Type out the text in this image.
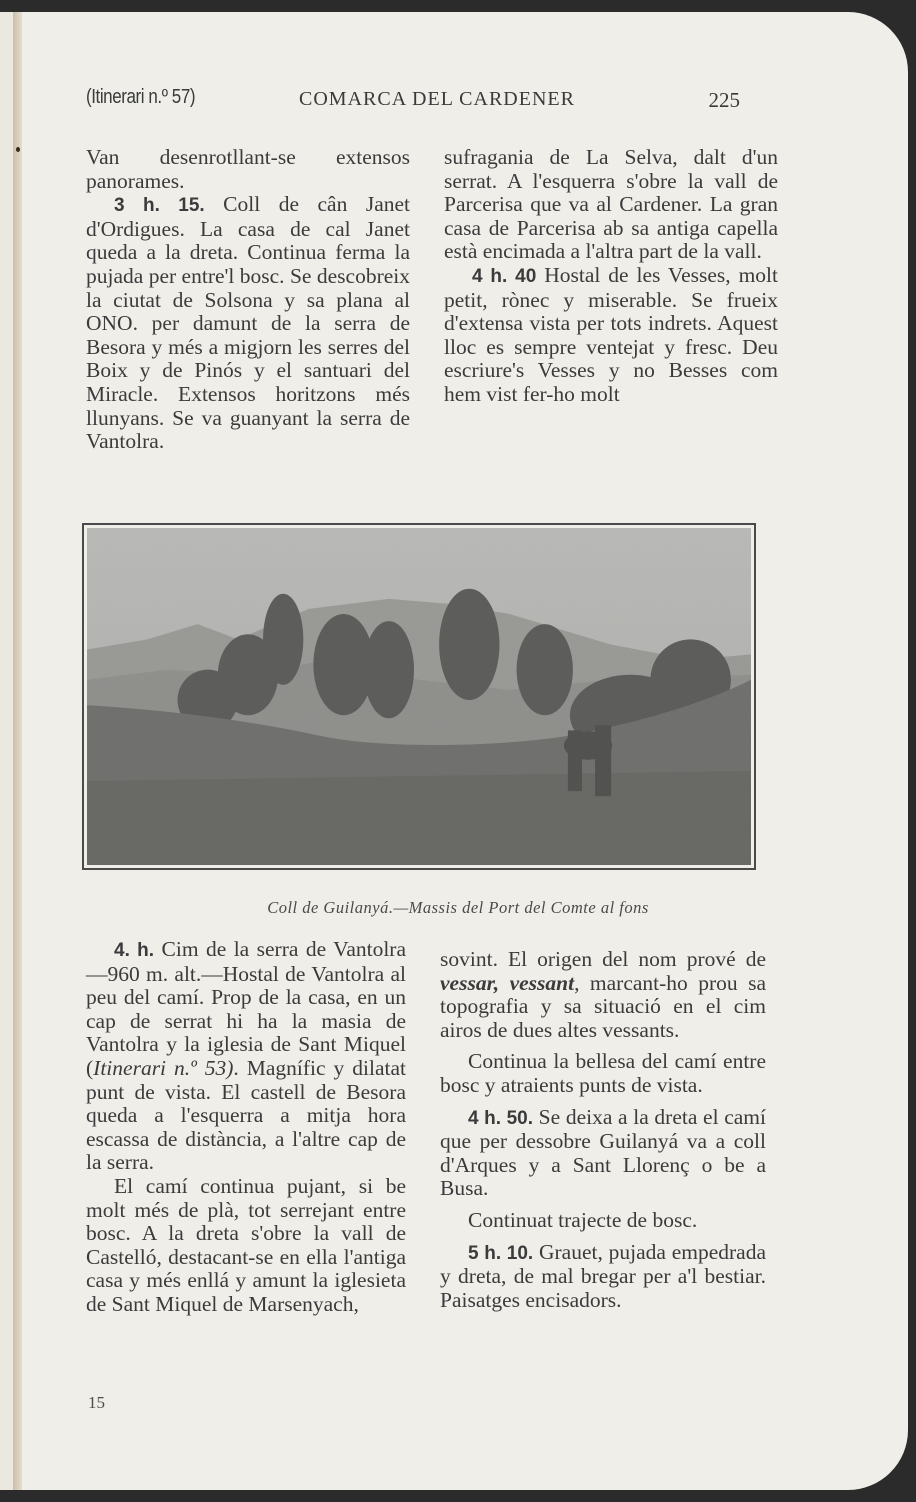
(Itinerari n.º 57)	COMARCA DEL CARDENER	225

Van desenrotllant-se extensos panorames.

3 h. 15. Coll de cân Janet d'Ordigues. La casa de cal Janet queda a la dreta. Continua ferma la pujada per entre'l bosc. Se descobreix la ciutat de Solsona y sa plana al ONO. per damunt de la serra de Besora y més a migjorn les serres del Boix y de Pinós y el santuari del Miracle. Extensos horitzons més llunyans. Se va guanyant la serra de Vantolra.

sufragania de La Selva, dalt d'un serrat. A l'esquerra s'obre la vall de Parcerisa que va al Cardener. La gran casa de Parcerisa ab sa antiga capella està encimada a l'altra part de la vall.

4 h. 40 Hostal de les Vesses, molt petit, rònec y miserable. Se frueix d'extensa vista per tots indrets. Aquest lloc es sempre ventejat y fresc. Deu escriure's Vesses y no Besses com hem vist fer-ho molt

Coll de Guilanyá.—Massis del Port del Comte al fons

4. h. Cim de la serra de Vantolra—960 m. alt.—Hostal de Vantolra al peu del camí. Prop de la casa, en un cap de serrat hi ha la masia de Vantolra y la iglesia de Sant Miquel (Itinerari n.º 53). Magnífic y dilatat punt de vista. El castell de Besora queda a l'esquerra a mitja hora escassa de distància, a l'altre cap de la serra.

El camí continua pujant, si be molt més de plà, tot serrejant entre bosc. A la dreta s'obre la vall de Castelló, destacant-se en ella l'antiga casa y més enllá y amunt la iglesieta de Sant Miquel de Marsenyach,

sovint. El origen del nom prové de vessar, vessant, marcant-ho prou sa topografia y sa situació en el cim airos de dues altes vessants.

Continua la bellesa del camí entre bosc y atraients punts de vista.

4 h. 50. Se deixa a la dreta el camí que per dessobre Guilanyá va a coll d'Arques y a Sant Llorenç o be a Busa.

Continuat trajecte de bosc.

5 h. 10. Grauet, pujada empedrada y dreta, de mal bregar per a'l bestiar. Paisatges encisadors.

15
